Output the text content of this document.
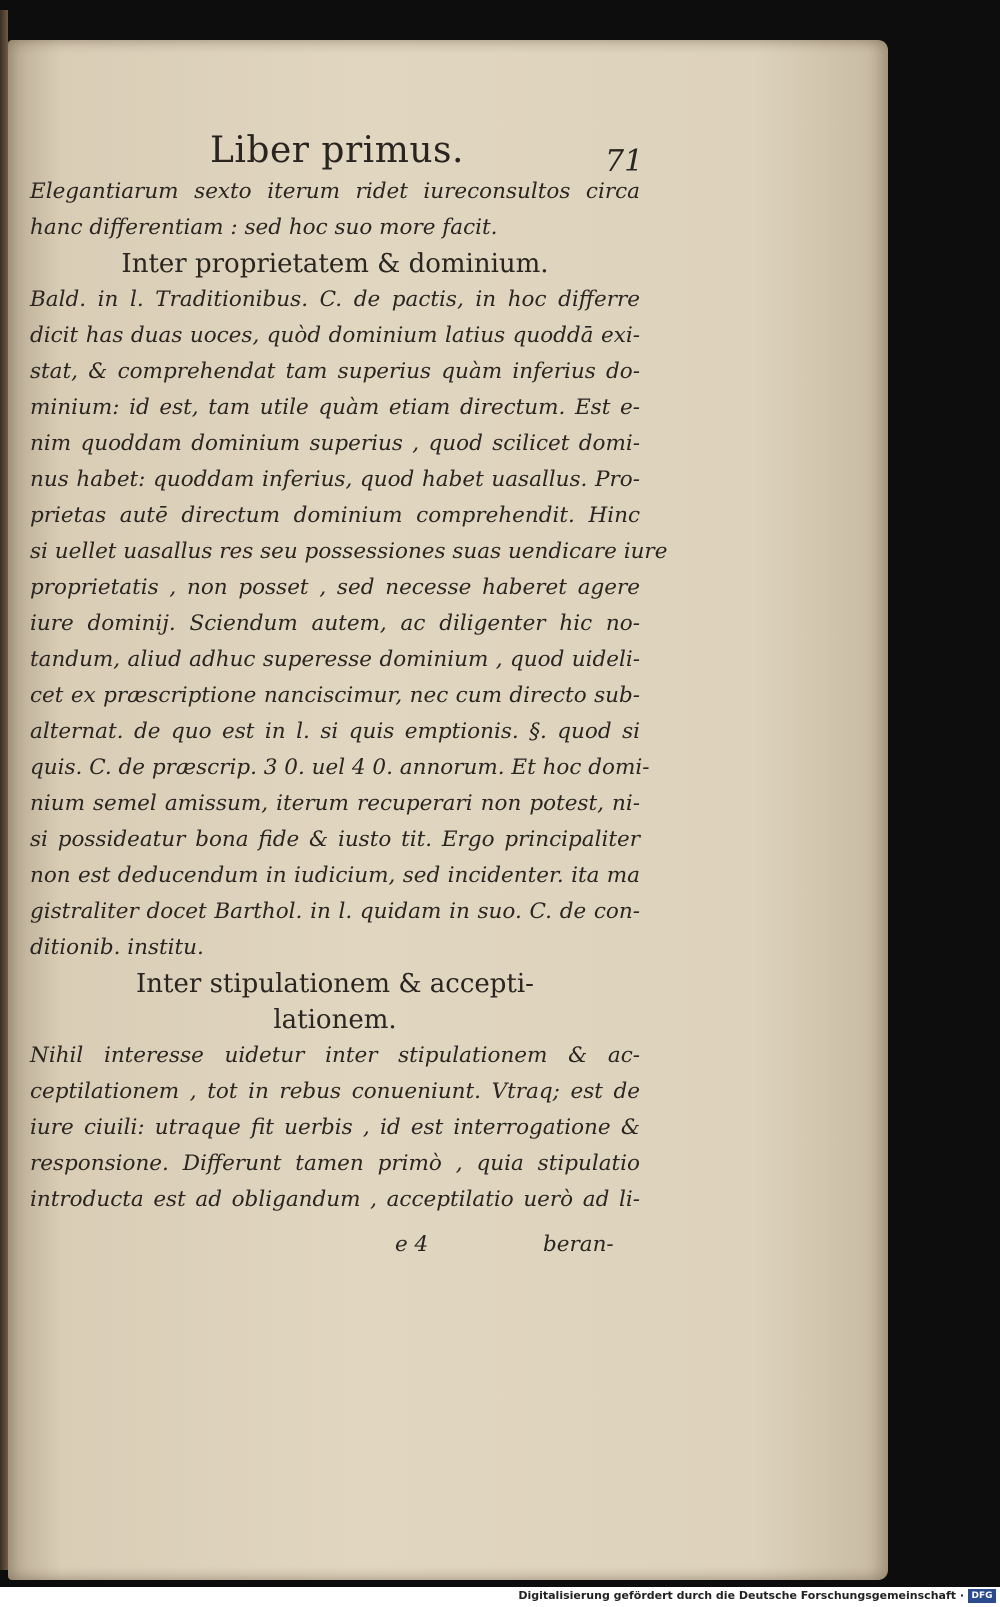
Liber primus.	71
Elegantiarum sexto iterum ridet iureconsultos circa
hanc differentiam : sed hoc suo more facit.
Inter proprietatem & dominium.
Bald. in l. Traditionibus. C. de pactis, in hoc differre
dicit has duas uoces, quòd dominium latius quoddā exi-
stat, & comprehendat tam superius quàm inferius do-
minium: id est, tam utile quàm etiam directum. Est e-
nim quoddam dominium superius , quod scilicet domi-
nus habet: quoddam inferius, quod habet uasallus. Pro-
prietas autē directum dominium comprehendit. Hinc
si uellet uasallus res seu possessiones suas uendicare iure
proprietatis , non posset , sed necesse haberet agere
iure dominij. Sciendum autem, ac diligenter hic no-
tandum, aliud adhuc superesse dominium , quod uideli-
cet ex præscriptione nanciscimur, nec cum directo sub-
alternat. de quo est in l. si quis emptionis. §. quod si
quis. C. de præscrip. 3 0. uel 4 0. annorum. Et hoc domi-
nium semel amissum, iterum recuperari non potest, ni-
si possideatur bona fide & iusto tit. Ergo principaliter
non est deducendum in iudicium, sed incidenter. ita ma
gistraliter docet Barthol. in l. quidam in suo. C. de con-
ditionib. institu.
Inter stipulationem & accepti-
lationem.
Nihil interesse uidetur inter stipulationem & ac-
ceptilationem , tot in rebus conueniunt. Vtraq; est de
iure ciuili: utraque fit uerbis , id est interrogatione &
responsione. Differunt tamen primò , quia stipulatio
introducta est ad obligandum , acceptilatio uerò ad li-
e 4	beran-
Digitalisierung gefördert durch die Deutsche Forschungsgemeinschaft · DFG
